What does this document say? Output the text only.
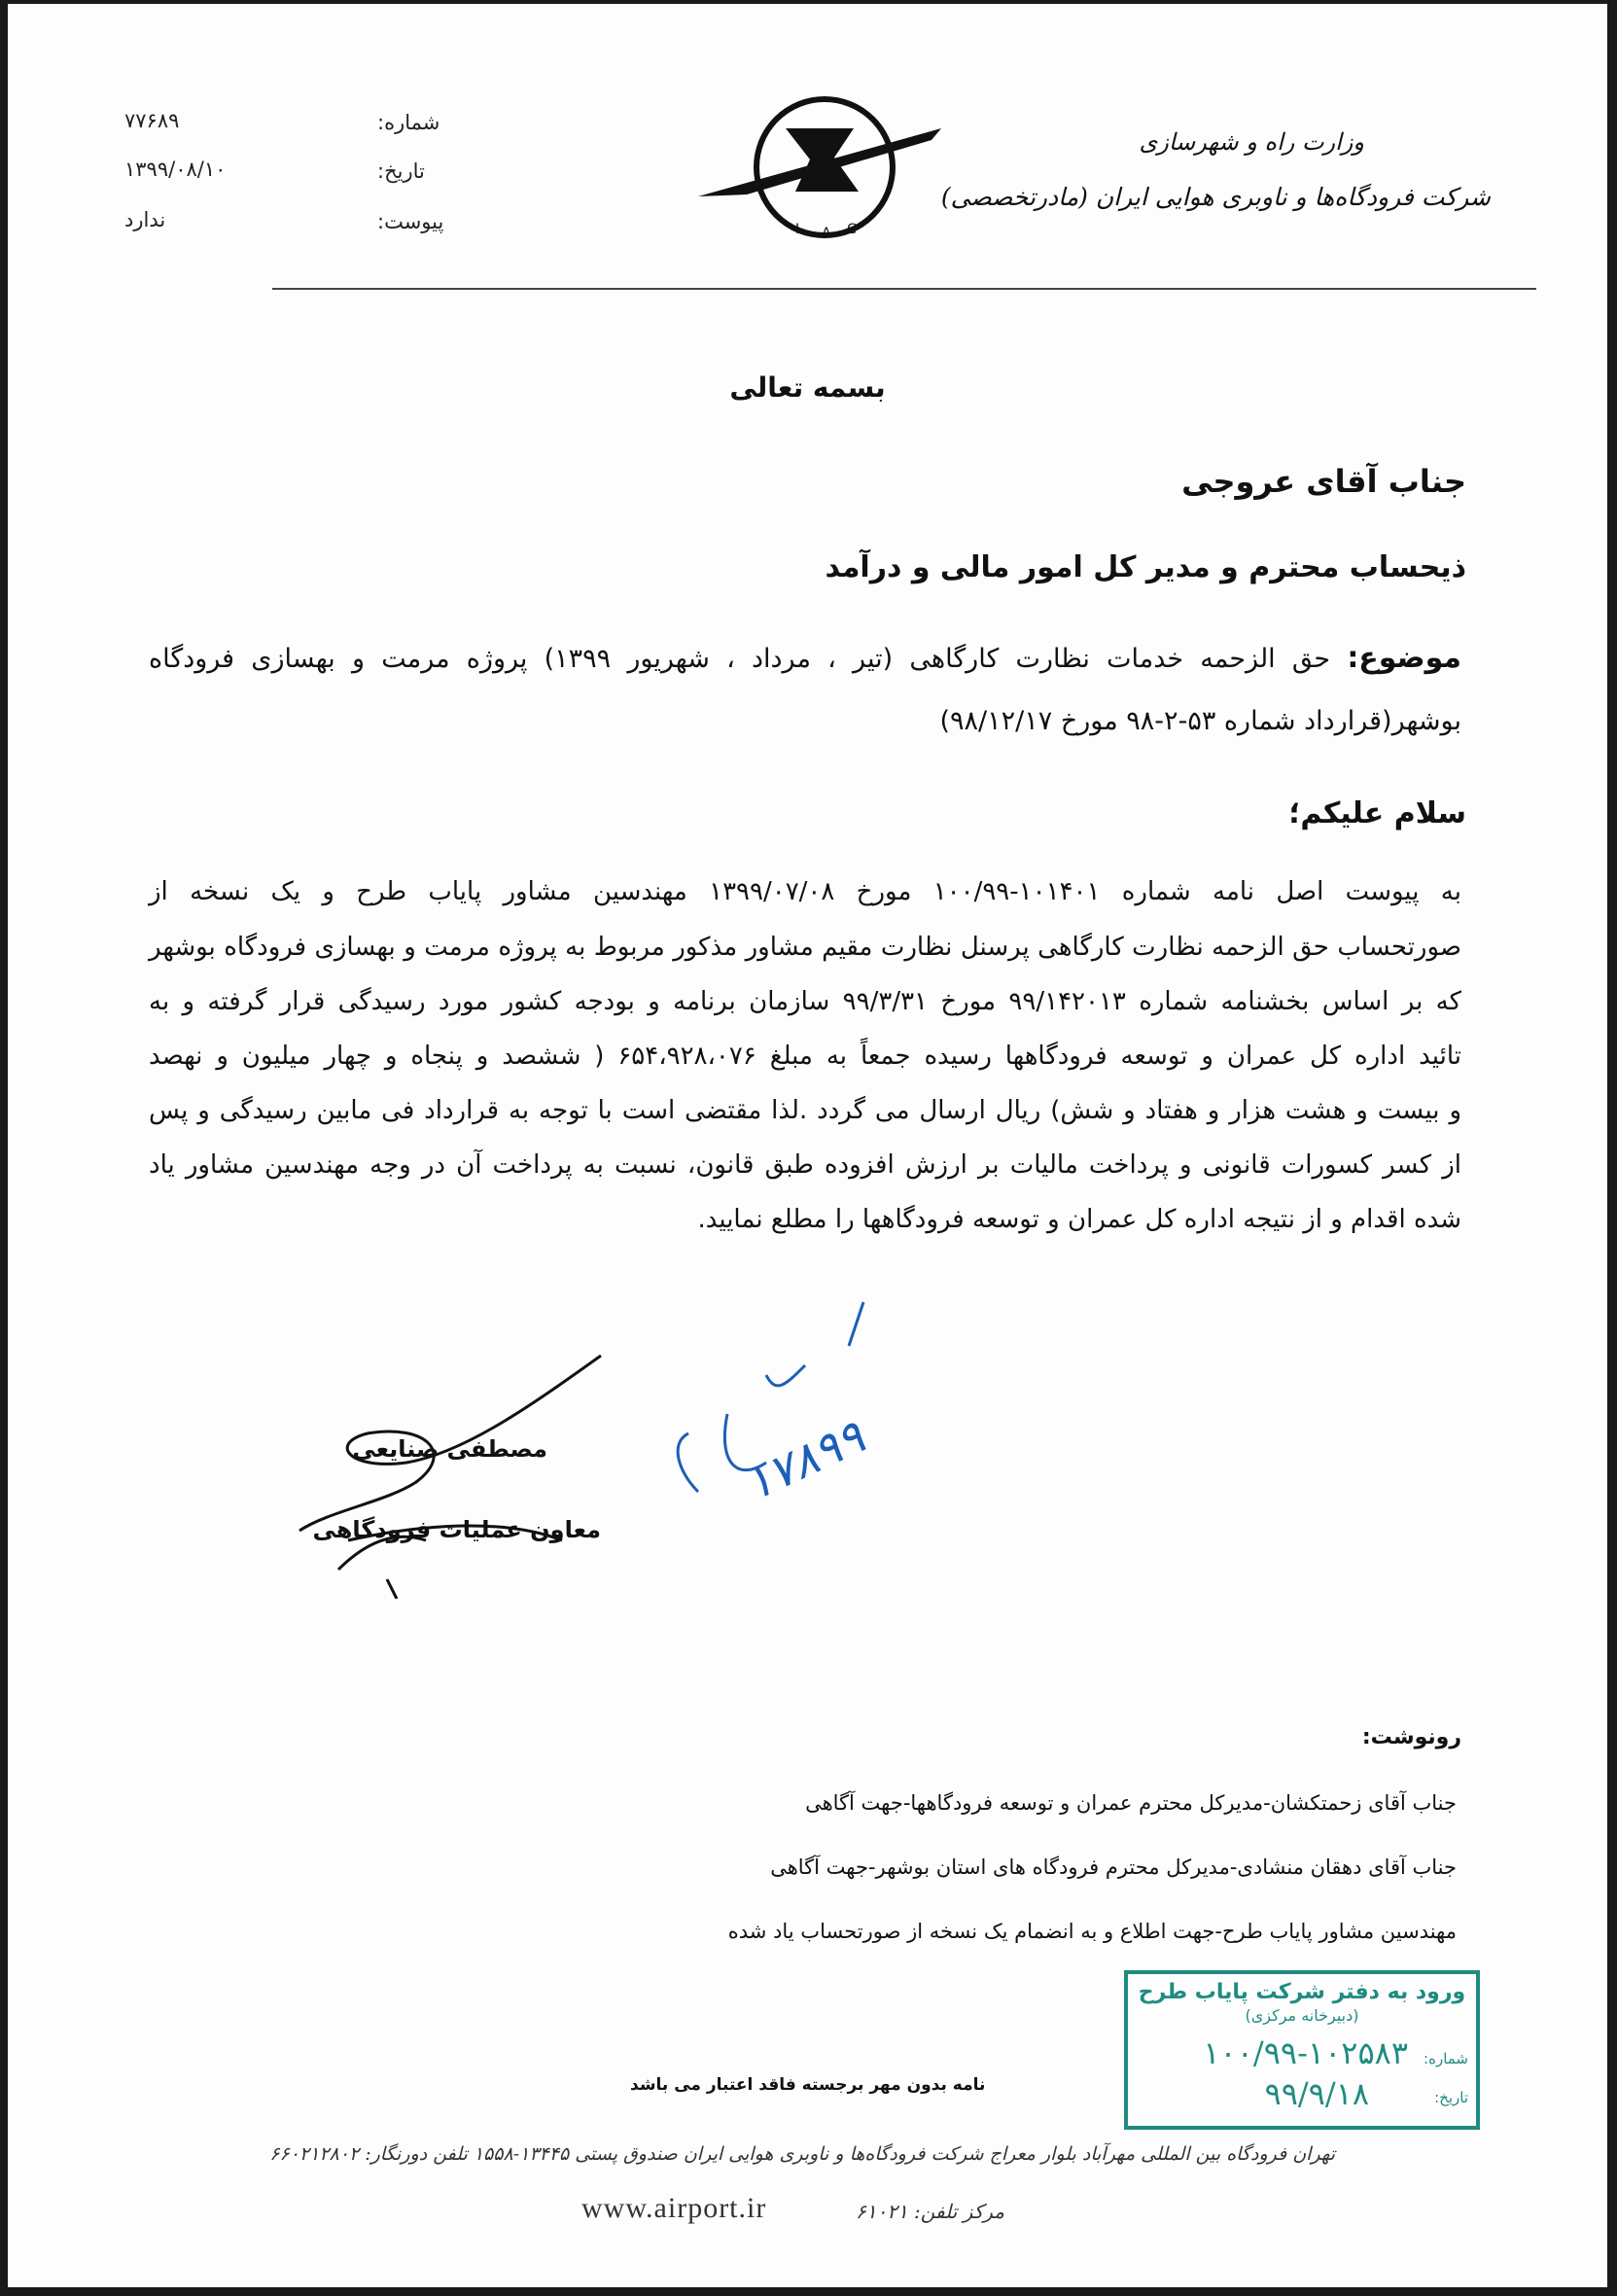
شماره:
۷۷۶۸۹
تاریخ:
۱۳۹۹/۰۸/۱۰
پیوست:
ندارد	I A C
وزارت راه و شهرسازی
شرکت فرودگاه‌ها و ناوبری هوایی ایران (مادرتخصصی)
بسمه تعالی
جناب آقای عروجی
ذیحساب محترم و مدیر کل امور مالی و درآمد
موضوع: حق الزحمه خدمات نظارت کارگاهی (تیر ، مرداد ، شهریور ۱۳۹۹) پروژه مرمت و بهسازی فرودگاه
بوشهر(قرارداد شماره ۵۳-۲-۹۸ مورخ ۹۸/۱۲/۱۷)
سلام علیکم؛
به پیوست اصل نامه شماره ۱۰۱۴۰۱-۱۰۰/۹۹ مورخ ۱۳۹۹/۰۷/۰۸ مهندسین مشاور پایاب طرح و یک نسخه از
صورتحساب حق الزحمه نظارت کارگاهی پرسنل نظارت مقیم مشاور مذکور مربوط به پروژه مرمت و بهسازی فرودگاه بوشهر
که بر اساس بخشنامه شماره ۹۹/۱۴۲۰۱۳ مورخ ۹۹/۳/۳۱ سازمان برنامه و بودجه کشور مورد رسیدگی قرار گرفته و به
تائید اداره کل عمران و توسعه فرودگاهها رسیده جمعاً به مبلغ ۶۵۴،۹۲۸،۰۷۶ ( ششصد و پنجاه و چهار میلیون و نهصد
و بیست و هشت هزار و هفتاد و شش) ریال ارسال می گردد .لذا مقتضی است با توجه به قرارداد فی مابین رسیدگی و پس
از کسر کسورات قانونی و پرداخت مالیات بر ارزش افزوده طبق قانون، نسبت به پرداخت آن در وجه مهندسین مشاور یاد
شده اقدام و از نتیجه اداره کل عمران و توسعه فرودگاهها را مطلع نمایید.
مصطفی صنایعی
معاون عملیات فرودگاهی
۱۷۸۹۹
رونوشت:
جناب آقای زحمتکشان-مدیرکل محترم عمران و توسعه فرودگاهها-جهت آگاهی
جناب آقای دهقان منشادی-مدیرکل محترم فرودگاه های استان بوشهر-جهت آگاهی
مهندسین مشاور پایاب طرح-جهت اطلاع و به انضمام یک نسخه از صورتحساب یاد شده
ورود به دفتر شرکت پایاب طرح
(دبیرخانه مرکزی)
شماره:
۱۰۰/۹۹-۱۰۲۵۸۳
تاریخ:
۹۹/۹/۱۸
نامه بدون مهر برجسته فاقد اعتبار می باشد
تهران فرودگاه بین المللی مهرآباد بلوار معراج شرکت فرودگاه‌ها و ناوبری هوایی ایران صندوق پستی ۱۳۴۴۵-۱۵۵۸ تلفن دورنگار: ۶۶۰۲۱۲۸۰۲
مرکز تلفن: ۶۱۰۲۱
www.airport.ir
